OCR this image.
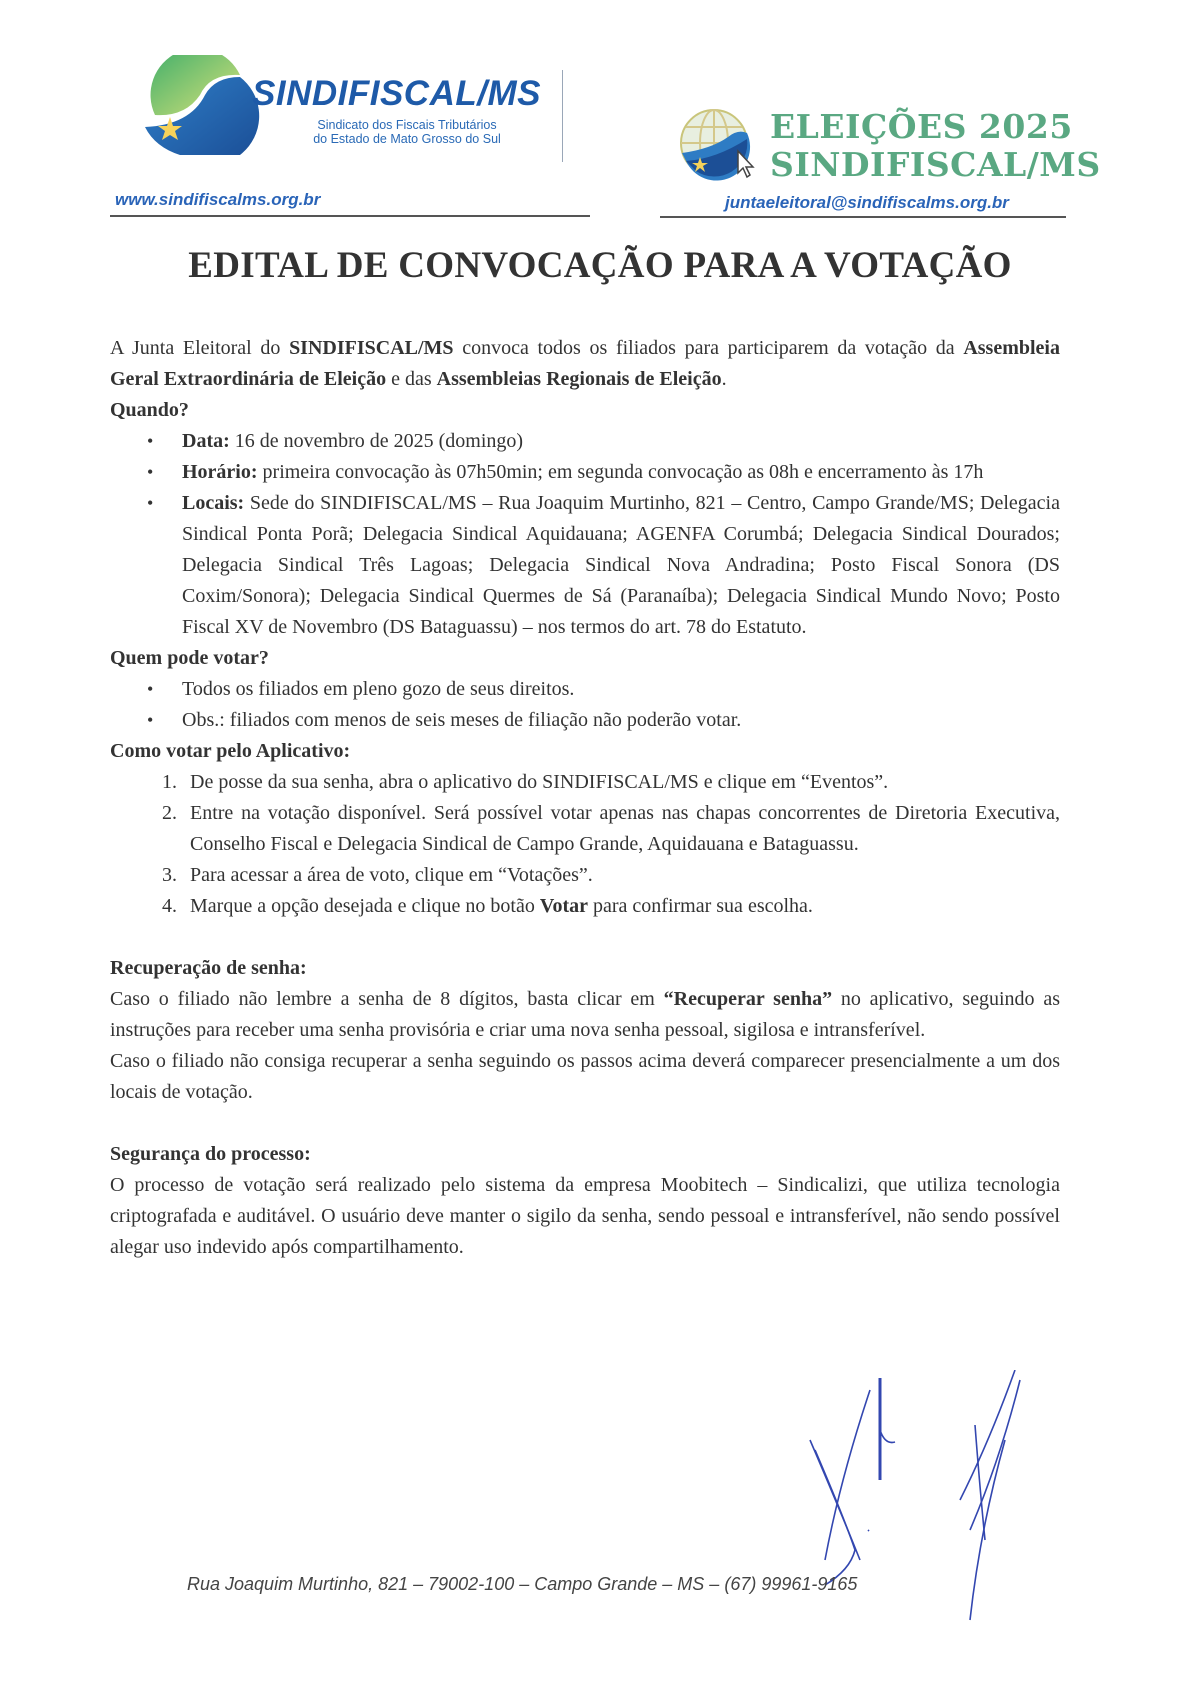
SINDIFISCAL/MS
Sindicato dos Fiscais Tributários
do Estado de Mato Grosso do Sul
www.sindifiscalms.org.br
ELEIÇÕES 2025
SINDIFISCAL/MS
juntaeleitoral@sindifiscalms.org.br
EDITAL DE CONVOCAÇÃO PARA A VOTAÇÃO

A Junta Eleitoral do SINDIFISCAL/MS convoca todos os filiados para participarem da votação da Assembleia Geral Extraordinária de Eleição e das Assembleias Regionais de Eleição.

Quando?
• Data: 16 de novembro de 2025 (domingo)
• Horário: primeira convocação às 07h50min; em segunda convocação as 08h e encerramento às 17h
• Locais: Sede do SINDIFISCAL/MS – Rua Joaquim Murtinho, 821 – Centro, Campo Grande/MS; Delegacia Sindical Ponta Porã; Delegacia Sindical Aquidauana; AGENFA Corumbá; Delegacia Sindical Dourados; Delegacia Sindical Três Lagoas; Delegacia Sindical Nova Andradina; Posto Fiscal Sonora (DS Coxim/Sonora); Delegacia Sindical Quermes de Sá (Paranaíba); Delegacia Sindical Mundo Novo; Posto Fiscal XV de Novembro (DS Bataguassu) – nos termos do art. 78 do Estatuto.
Quem pode votar?
• Todos os filiados em pleno gozo de seus direitos.
• Obs.: filiados com menos de seis meses de filiação não poderão votar.
Como votar pelo Aplicativo:
1. De posse da sua senha, abra o aplicativo do SINDIFISCAL/MS e clique em “Eventos”.
2. Entre na votação disponível. Será possível votar apenas nas chapas concorrentes de Diretoria Executiva, Conselho Fiscal e Delegacia Sindical de Campo Grande, Aquidauana e Bataguassu.
3. Para acessar a área de voto, clique em “Votações”.
4. Marque a opção desejada e clique no botão Votar para confirmar sua escolha.
Recuperação de senha:

Caso o filiado não lembre a senha de 8 dígitos, basta clicar em “Recuperar senha” no aplicativo, seguindo as instruções para receber uma senha provisória e criar uma nova senha pessoal, sigilosa e intransferível.

Caso o filiado não consiga recuperar a senha seguindo os passos acima deverá comparecer presencialmente a um dos locais de votação.

Segurança do processo:

O processo de votação será realizado pelo sistema da empresa Moobitech – Sindicalizi, que utiliza tecnologia criptografada e auditável. O usuário deve manter o sigilo da senha, sendo pessoal e intransferível, não sendo possível alegar uso indevido após compartilhamento.

Rua Joaquim Murtinho, 821 – 79002-100 – Campo Grande – MS – (67) 99961-9165
